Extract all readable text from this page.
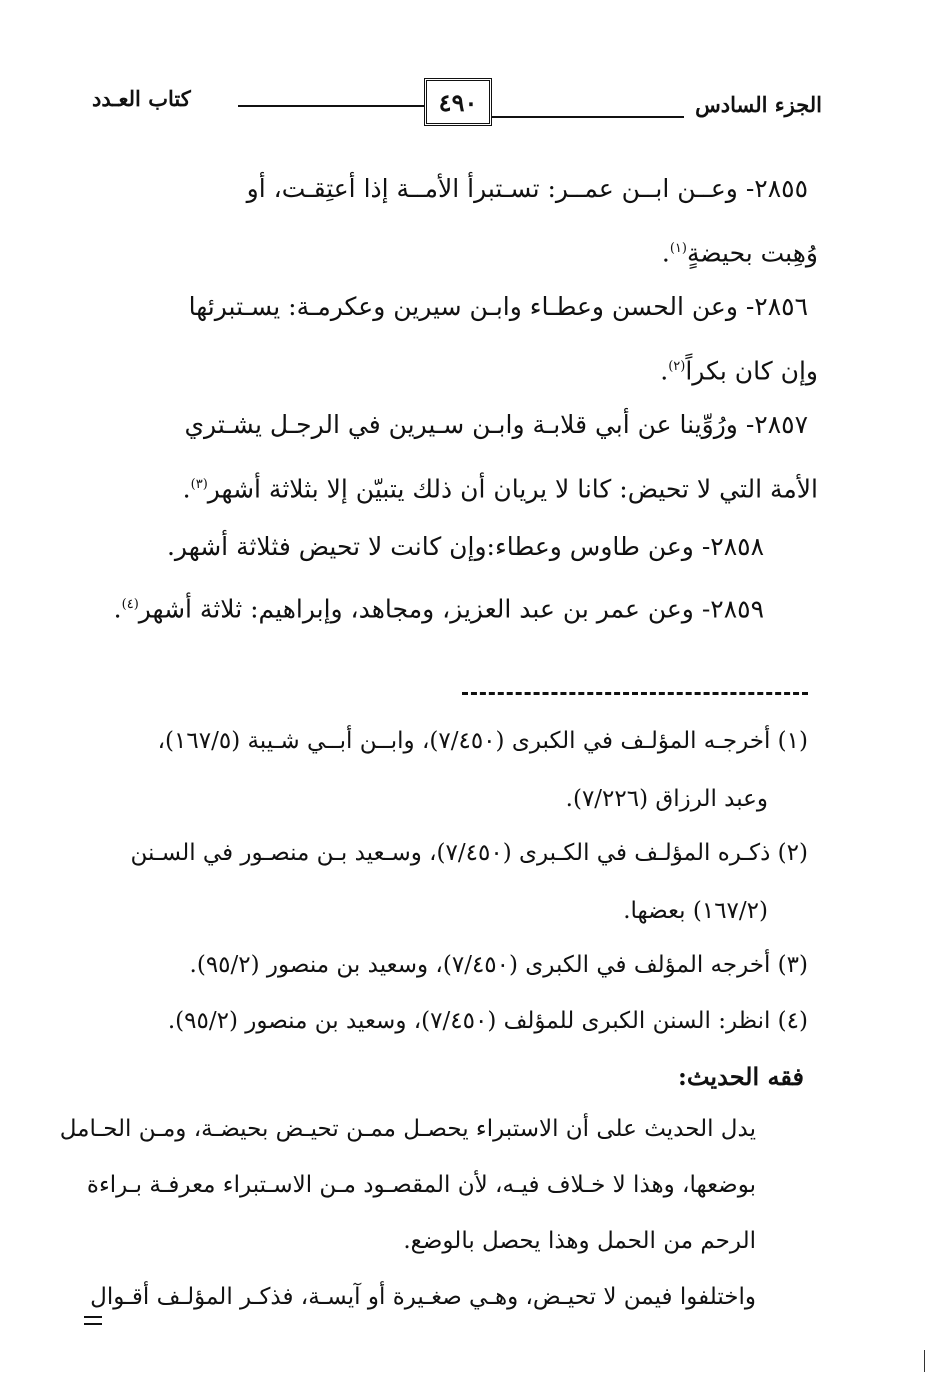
٤٩٠	الجزء السادس
كتاب العـدد
٢٨٥٥- وعــن ابــن عمــر: تسـتبرأ الأمــة إذا أعتِقـت، أو
وُهِبت بحيضةٍ$^{(١)}$.
٢٨٥٦- وعن الحسن وعطـاء وابـن سيرين وعكرمـة: يسـتبرئها
وإن كان بكراً$^{(٢)}$.
٢٨٥٧- ورُوِّينا عن أبي قلابـة وابـن سـيرين في الرجـل يشـتري
الأمة التي لا تحيض: كانا لا يريان أن ذلك يتبيّن إلا بثلاثة أشهر$^{(٣)}$.
٢٨٥٨- وعن طاوس وعطاء:وإن كانت لا تحيض فثلاثة أشهر.
٢٨٥٩- وعن عمر بن عبد العزيز، ومجاهد، وإبراهيم: ثلاثة أشهر$^{(٤)}$.
(١) أخرجـه المؤلـف في الكبرى (٧/٤٥٠)، وابــن أبــي شـيبة (١٦٧/٥)،
وعبد الرزاق (٧/٢٢٦).
(٢) ذكـره المؤلـف في الكـبرى (٧/٤٥٠)، وسـعيد بـن منصـور في السـنن
(١٦٧/٢) بعضها.
(٣) أخرجه المؤلف في الكبرى (٧/٤٥٠)، وسعيد بن منصور (٩٥/٢).
(٤) انظر: السنن الكبرى للمؤلف (٧/٤٥٠)، وسعيد بن منصور (٩٥/٢).
فقه الحديث:
يدل الحديث على أن الاستبراء يحصـل ممـن تحيـض بحيضـة، ومـن الحـامل
بوضعها، وهذا لا خـلاف فيـه، لأن المقصـود مـن الاسـتبراء معرفـة بـراءة
الرحم من الحمل وهذا يحصل بالوضع.
واختلفوا فيمن لا تحيـض، وهـي صغـيرة أو آيسـة، فذكـر المؤلـف أقـوال
